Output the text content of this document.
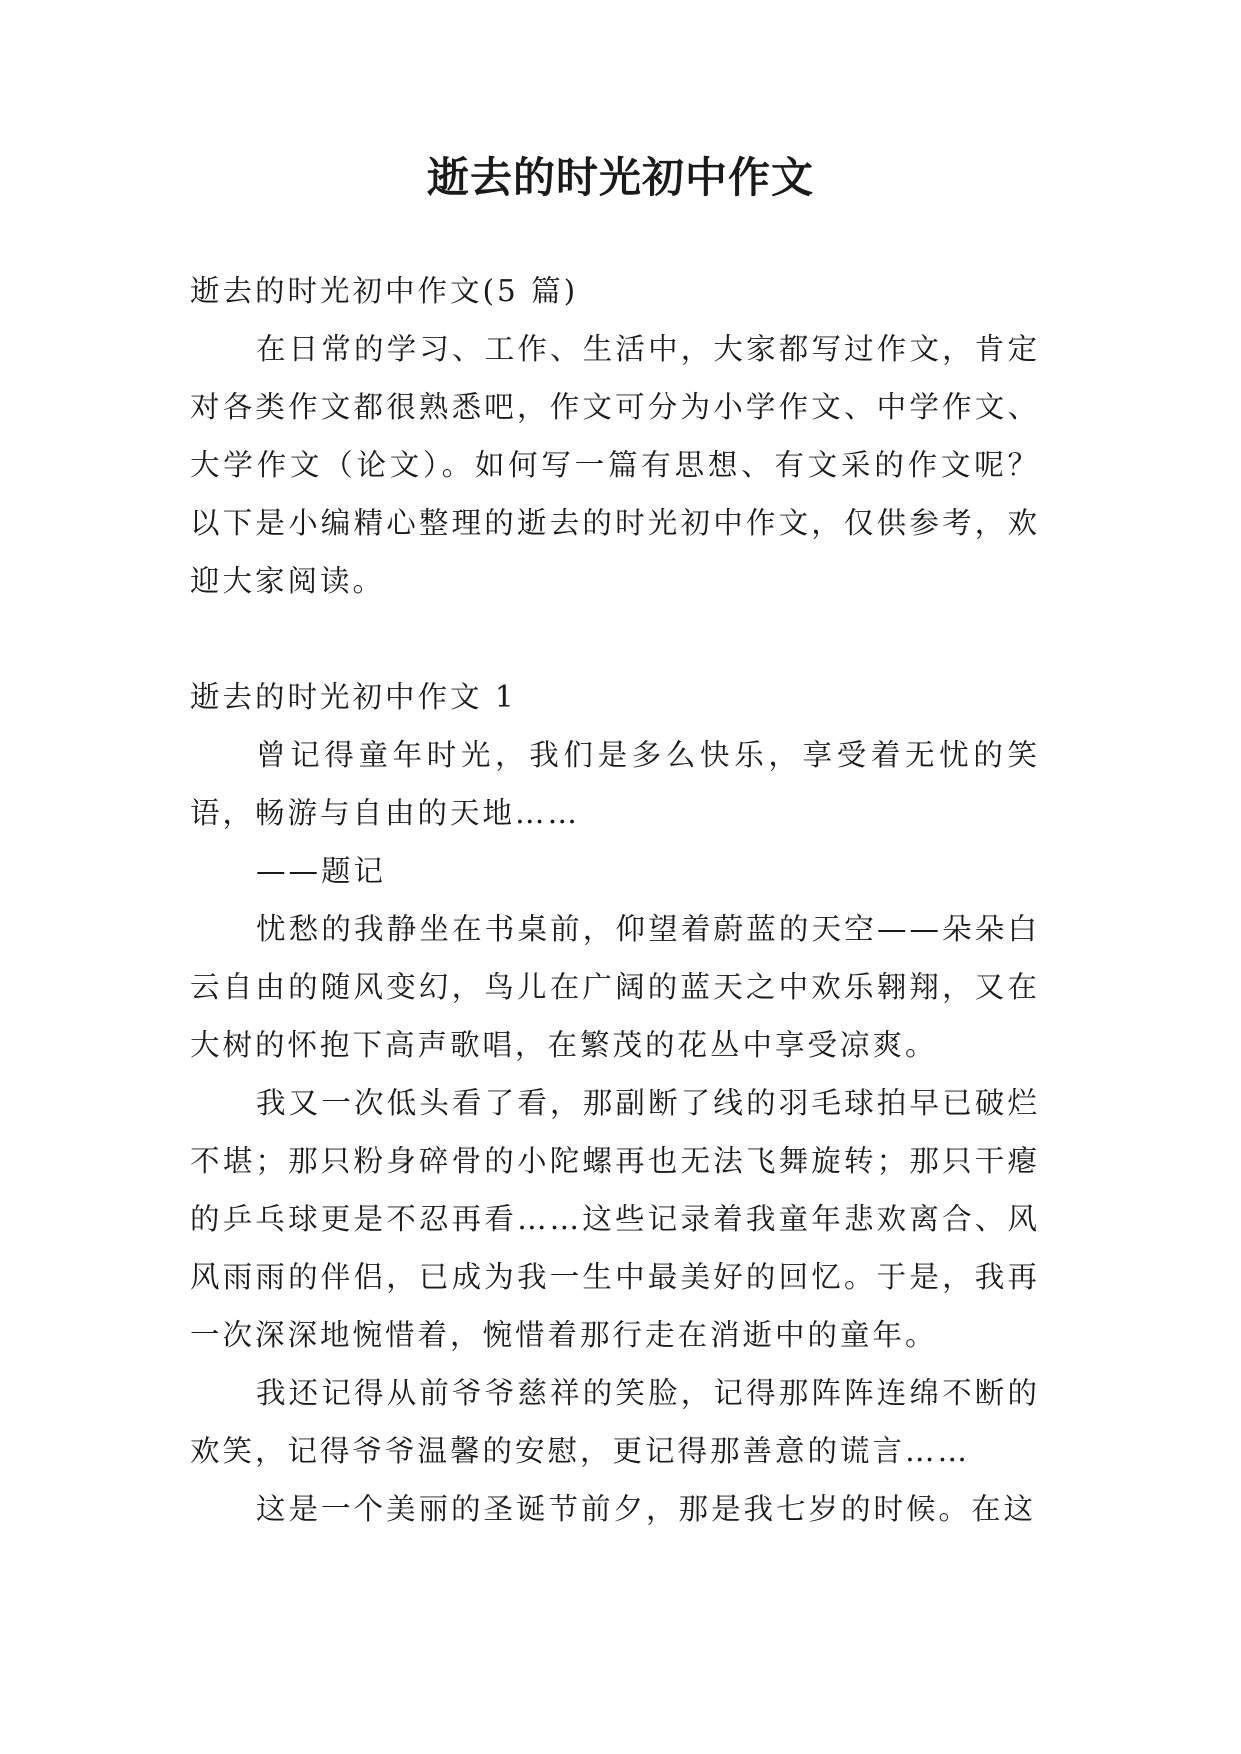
逝去的时光初中作文

逝去的时光初中作文(5 篇)

在日常的学习、工作、生活中，大家都写过作文，肯定对各类作文都很熟悉吧，作文可分为小学作文、中学作文、大学作文（论文）。如何写一篇有思想、有文采的作文呢？以下是小编精心整理的逝去的时光初中作文，仅供参考，欢迎大家阅读。

逝去的时光初中作文 1

曾记得童年时光，我们是多么快乐，享受着无忧的笑语，畅游与自由的天地……

——题记

忧愁的我静坐在书桌前，仰望着蔚蓝的天空——朵朵白云自由的随风变幻，鸟儿在广阔的蓝天之中欢乐翱翔，又在大树的怀抱下高声歌唱，在繁茂的花丛中享受凉爽。

我又一次低头看了看，那副断了线的羽毛球拍早已破烂不堪；那只粉身碎骨的小陀螺再也无法飞舞旋转；那只干瘪的乒乓球更是不忍再看……这些记录着我童年悲欢离合、风风雨雨的伴侣，已成为我一生中最美好的回忆。于是，我再一次深深地惋惜着，惋惜着那行走在消逝中的童年。

我还记得从前爷爷慈祥的笑脸，记得那阵阵连绵不断的欢笑，记得爷爷温馨的安慰，更记得那善意的谎言……

这是一个美丽的圣诞节前夕，那是我七岁的时候。在这
